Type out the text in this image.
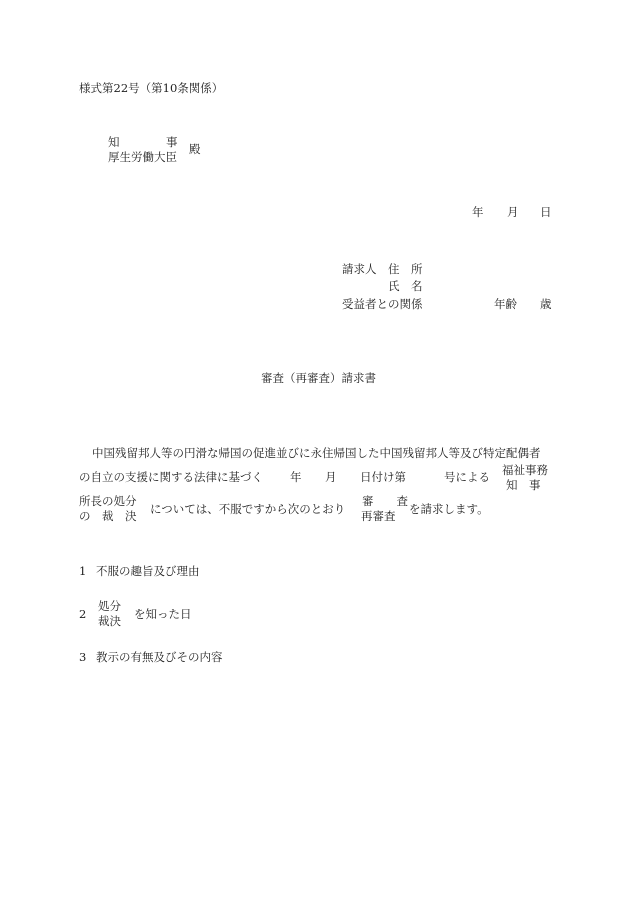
様式第22号（第10条関係）
知	事
厚生労働大臣
殿
年 月 日
請求人 住　所
氏　名
受益者との関係	年齢 歳
審査（再審査）請求書
中国残留邦人等の円滑な帰国の促進並びに永住帰国した中国残留邦人等及び特定配偶者
の自立の支援に関する法律に基づく 年 月 日付け第	号による 福祉事務
知　事
所長の処分
の　裁　決 については、不服ですから次のとおり
審　　査
再審査 を請求します。
1 不服の趣旨及び理由
2
処分
裁決 を知った日
3 教示の有無及びその内容
